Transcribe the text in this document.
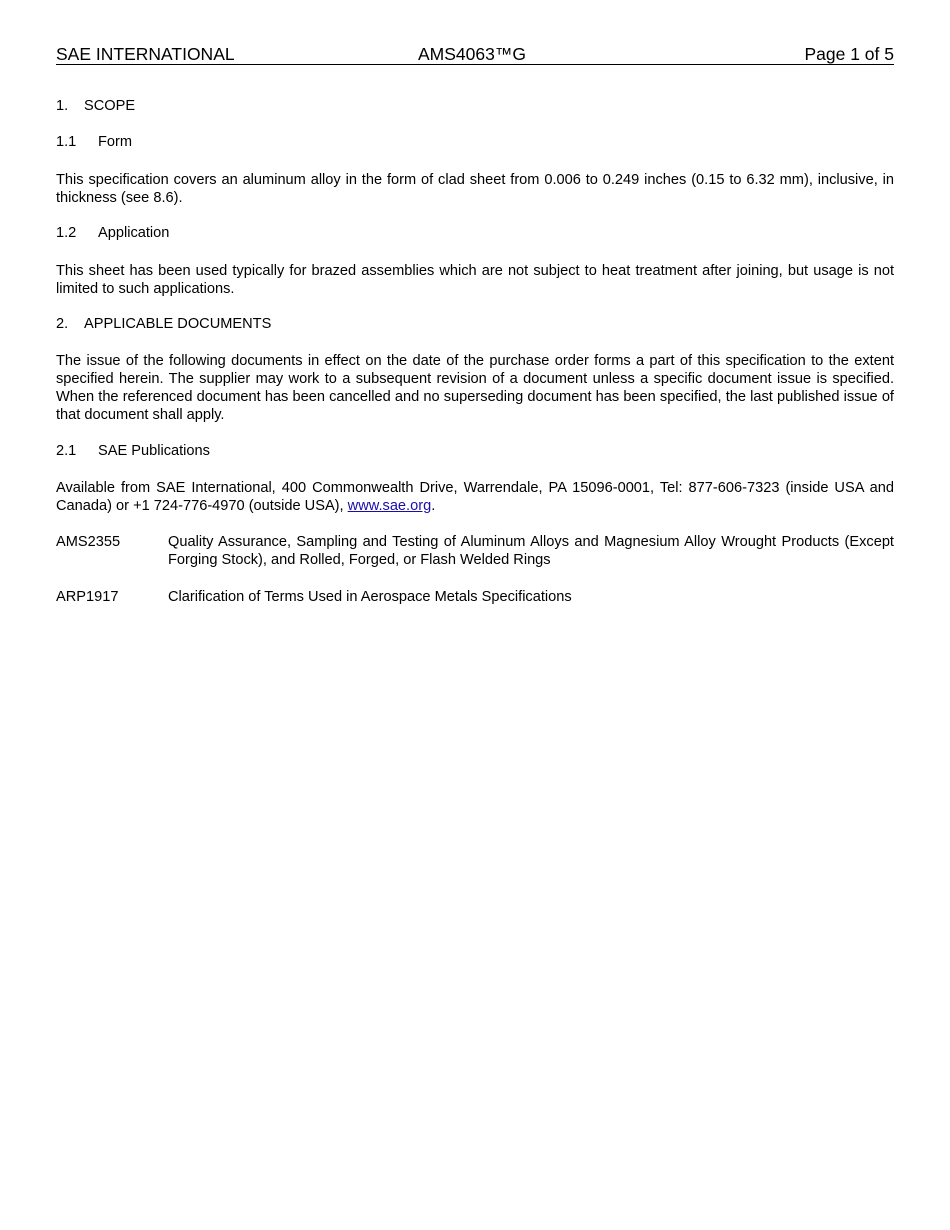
SAE INTERNATIONAL	AMS4063™G	Page 1 of 5
1. SCOPE
1.1 Form
This specification covers an aluminum alloy in the form of clad sheet from 0.006 to 0.249 inches (0.15 to 6.32 mm), inclusive, in thickness (see 8.6).
1.2 Application
This sheet has been used typically for brazed assemblies which are not subject to heat treatment after joining, but usage is not limited to such applications.
2. APPLICABLE DOCUMENTS
The issue of the following documents in effect on the date of the purchase order forms a part of this specification to the extent specified herein. The supplier may work to a subsequent revision of a document unless a specific document issue is specified. When the referenced document has been cancelled and no superseding document has been specified, the last published issue of that document shall apply.
2.1 SAE Publications
Available from SAE International, 400 Commonwealth Drive, Warrendale, PA 15096-0001, Tel: 877-606-7323 (inside USA and Canada) or +1 724-776-4970 (outside USA), www.sae.org.
AMS2355	Quality Assurance, Sampling and Testing of Aluminum Alloys and Magnesium Alloy Wrought Products (Except Forging Stock), and Rolled, Forged, or Flash Welded Rings
ARP1917	Clarification of Terms Used in Aerospace Metals Specifications
